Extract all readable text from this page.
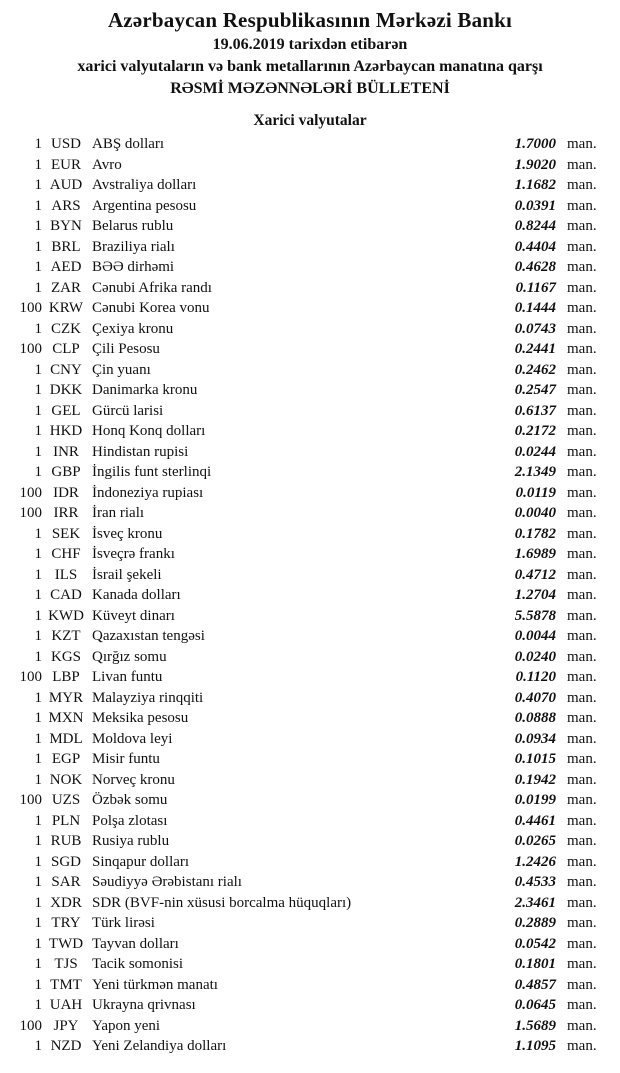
Azərbaycan Respublikasının Mərkəzi Bankı
19.06.2019 tarixdən etibarən
xarici valyutaların və bank metallarının Azərbaycan manatına qarşı
RƏSMİ MƏZƏNNƏLƏRİ BÜLLETENİ
Xarici valyutalar
1 USD ABŞ dolları	1.7000 man.
1 EUR Avro	1.9020 man.
1 AUD Avstraliya dolları	1.1682 man.
1 ARS Argentina pesosu	0.0391 man.
1 BYN Belarus rublu	0.8244 man.
1 BRL Braziliya rialı	0.4404 man.
1 AED BƏƏ dirhəmi	0.4628 man.
1 ZAR Cənubi Afrika randı	0.1167 man.
100 KRW Cənubi Korea vonu	0.1444 man.
1 CZK Çexiya kronu	0.0743 man.
100 CLP Çili Pesosu	0.2441 man.
1 CNY Çin yuanı	0.2462 man.
1 DKK Danimarka kronu	0.2547 man.
1 GEL Gürcü larisi	0.6137 man.
1 HKD Honq Konq dolları	0.2172 man.
1 INR Hindistan rupisi	0.0244 man.
1 GBP İngilis funt sterlinqi	2.1349 man.
100 IDR İndoneziya rupiası	0.0119 man.
100 IRR İran rialı	0.0040 man.
1 SEK İsveç kronu	0.1782 man.
1 CHF İsveçrə frankı	1.6989 man.
1 ILS İsrail şekeli	0.4712 man.
1 CAD Kanada dolları	1.2704 man.
1 KWD Küveyt dinarı	5.5878 man.
1 KZT Qazaxıstan tengəsi	0.0044 man.
1 KGS Qırğız somu	0.0240 man.
100 LBP Livan funtu	0.1120 man.
1 MYR Malayziya rinqqiti	0.4070 man.
1 MXN Meksika pesosu	0.0888 man.
1 MDL Moldova leyi	0.0934 man.
1 EGP Misir funtu	0.1015 man.
1 NOK Norveç kronu	0.1942 man.
100 UZS Özbək somu	0.0199 man.
1 PLN Polşa zlotası	0.4461 man.
1 RUB Rusiya rublu	0.0265 man.
1 SGD Sinqapur dolları	1.2426 man.
1 SAR Səudiyyə Ərəbistanı rialı	0.4533 man.
1 XDR SDR (BVF-nin xüsusi borcalma hüquqları)	2.3461 man.
1 TRY Türk lirəsi	0.2889 man.
1 TWD Tayvan dolları	0.0542 man.
1 TJS Tacik somonisi	0.1801 man.
1 TMT Yeni türkmən manatı	0.4857 man.
1 UAH Ukrayna qrivnası	0.0645 man.
100 JPY Yapon yeni	1.5689 man.
1 NZD Yeni Zelandiya dolları	1.1095 man.
